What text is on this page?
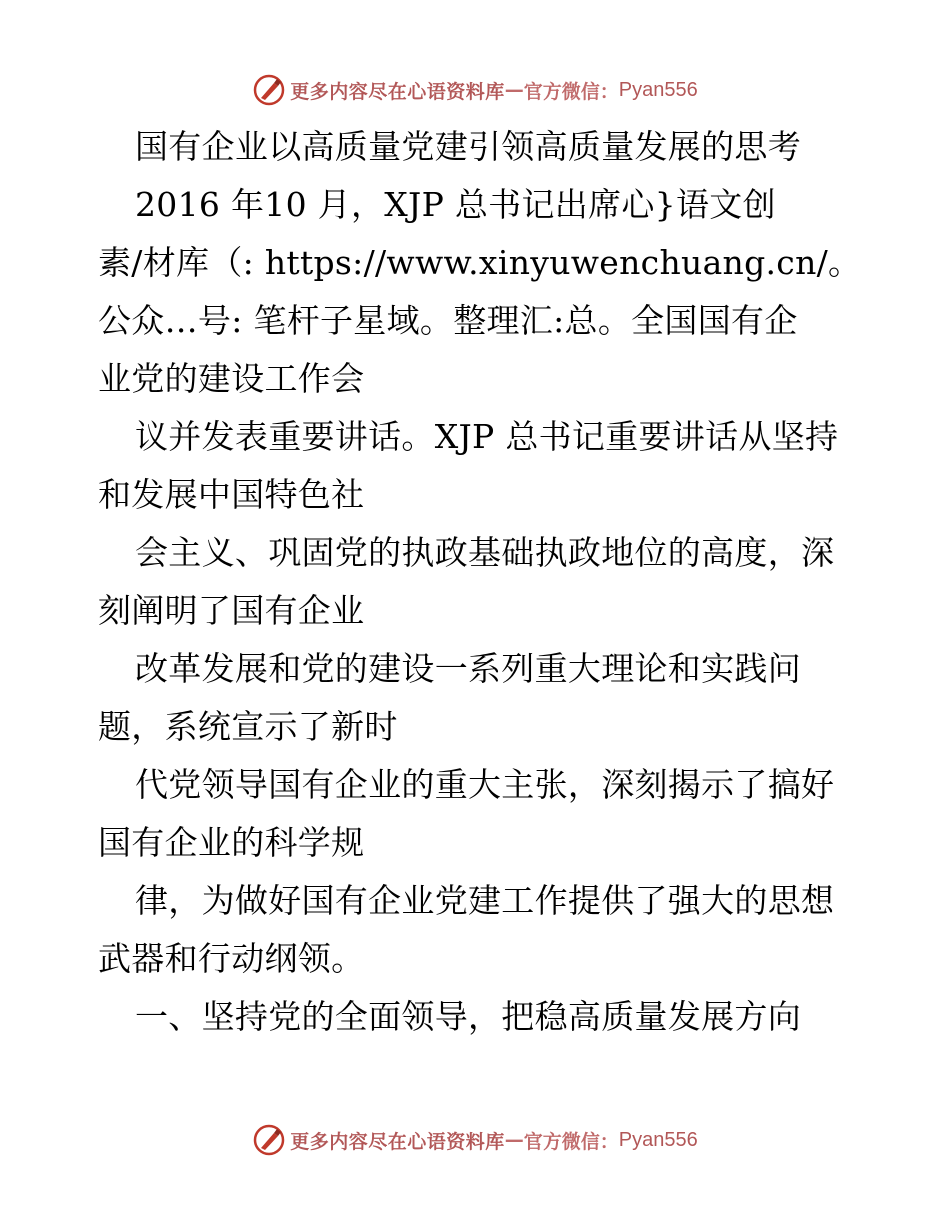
更多内容尽在心语资料库 — 官方微信： Pyan556
国有企业以高质量党建引领高质量发展的思考
2016 年10 月，XJP 总书记出席心}语文创
素/材库（: https://www.xinyuwenchuang.cn/。
公众…号: 笔杆子星域。整理汇:总。全国国有企
业党的建设工作会
议并发表重要讲话。XJP 总书记重要讲话从坚持
和发展中国特色社
会主义、巩固党的执政基础执政地位的高度，深
刻阐明了国有企业
改革发展和党的建设一系列重大理论和实践问
题，系统宣示了新时
代党领导国有企业的重大主张，深刻揭示了搞好
国有企业的科学规
律，为做好国有企业党建工作提供了强大的思想
武器和行动纲领。
一、坚持党的全面领导，把稳高质量发展方向
更多内容尽在心语资料库 — 官方微信： Pyan556
